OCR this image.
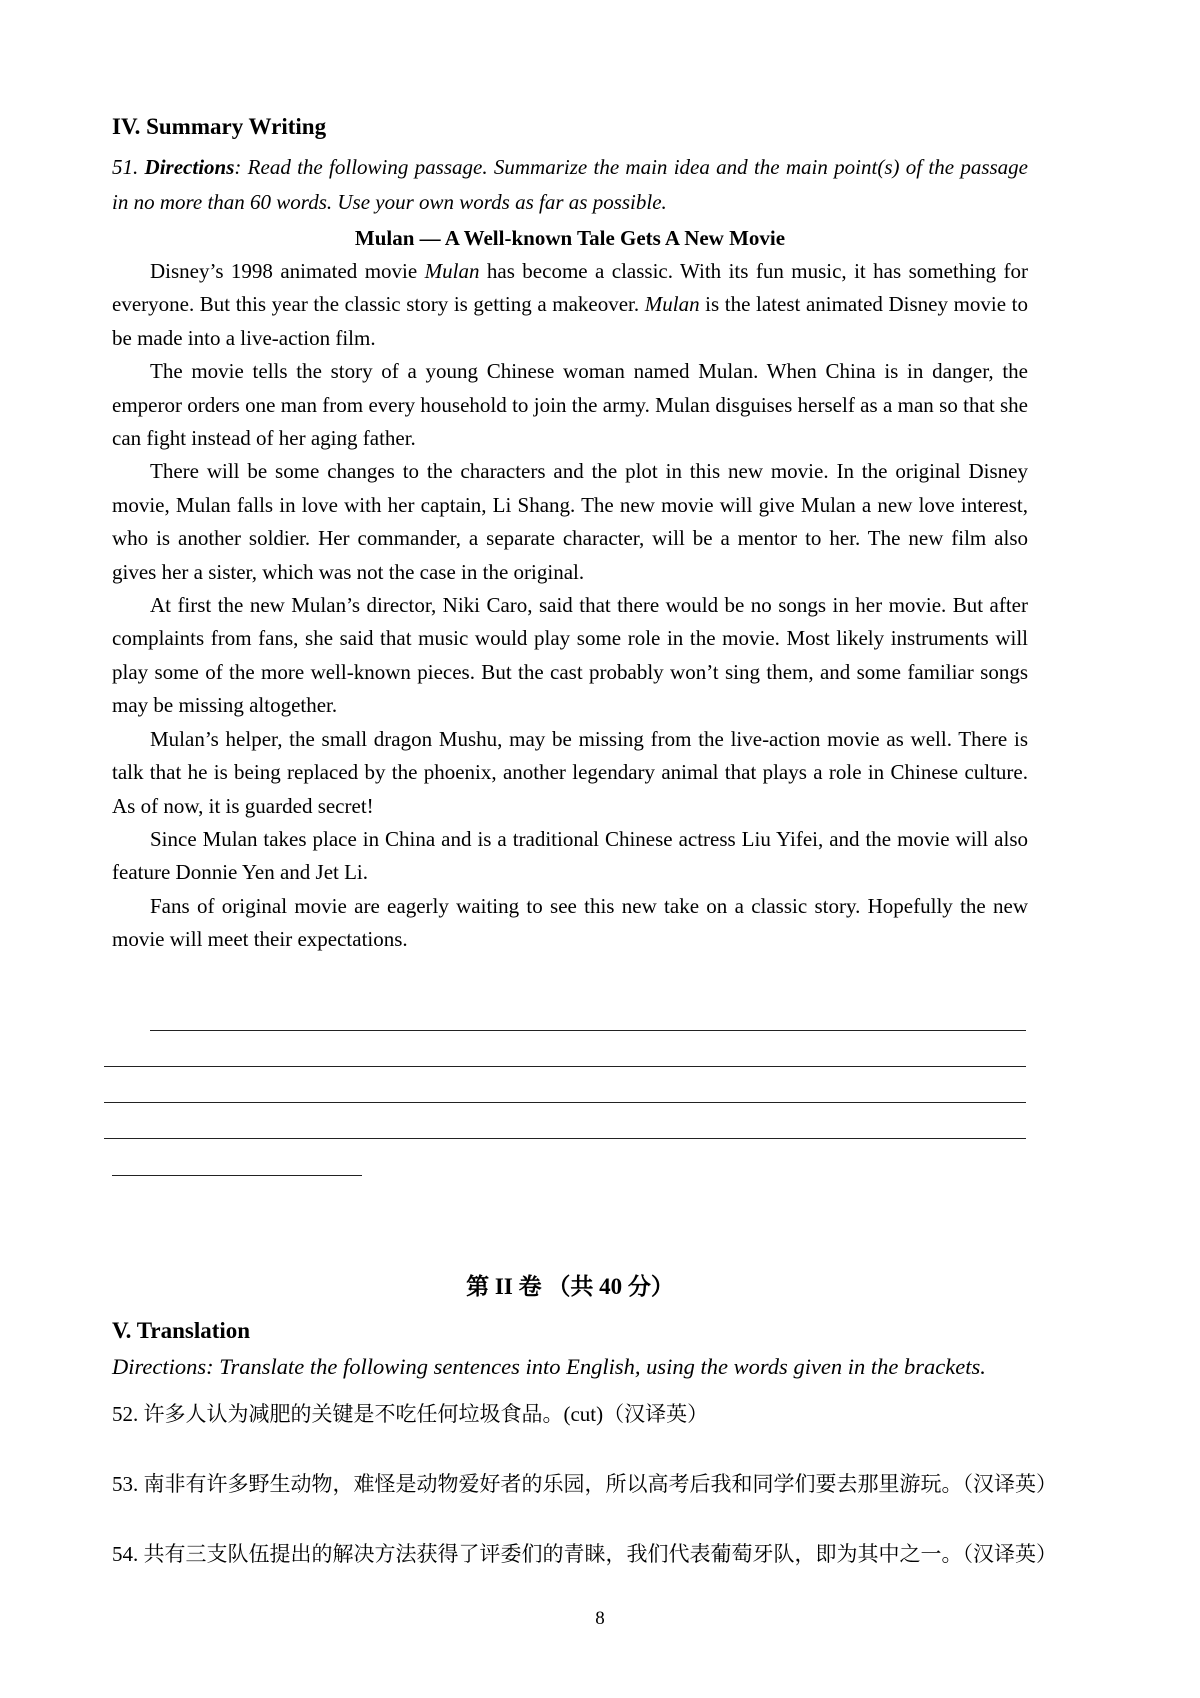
IV. Summary Writing

51. Directions: Read the following passage. Summarize the main idea and the main point(s) of the passage in no more than 60 words. Use your own words as far as possible.

Mulan — A Well-known Tale Gets A New Movie

Disney’s 1998 animated movie Mulan has become a classic. With its fun music, it has something for everyone. But this year the classic story is getting a makeover. Mulan is the latest animated Disney movie to be made into a live-action film.

The movie tells the story of a young Chinese woman named Mulan. When China is in danger, the emperor orders one man from every household to join the army. Mulan disguises herself as a man so that she can fight instead of her aging father.

There will be some changes to the characters and the plot in this new movie. In the original Disney movie, Mulan falls in love with her captain, Li Shang. The new movie will give Mulan a new love interest, who is another soldier. Her commander, a separate character, will be a mentor to her. The new film also gives her a sister, which was not the case in the original.

At first the new Mulan’s director, Niki Caro, said that there would be no songs in her movie. But after complaints from fans, she said that music would play some role in the movie. Most likely instruments will play some of the more well-known pieces. But the cast probably won’t sing them, and some familiar songs may be missing altogether.

Mulan’s helper, the small dragon Mushu, may be missing from the live-action movie as well. There is talk that he is being replaced by the phoenix, another legendary animal that plays a role in Chinese culture. As of now, it is guarded secret!

Since Mulan takes place in China and is a traditional Chinese actress Liu Yifei, and the movie will also feature Donnie Yen and Jet Li.

Fans of original movie are eagerly waiting to see this new take on a classic story. Hopefully the new movie will meet their expectations.

第 II 卷 （共 40 分）
V. Translation

Directions: Translate the following sentences into English, using the words given in the brackets.

52. 许多人认为减肥的关键是不吃任何垃圾食品。(cut)（汉译英）

53. 南非有许多野生动物，难怪是动物爱好者的乐园，所以高考后我和同学们要去那里游玩。（汉译英）

54. 共有三支队伍提出的解决方法获得了评委们的青睐，我们代表葡萄牙队，即为其中之一。（汉译英）

8
